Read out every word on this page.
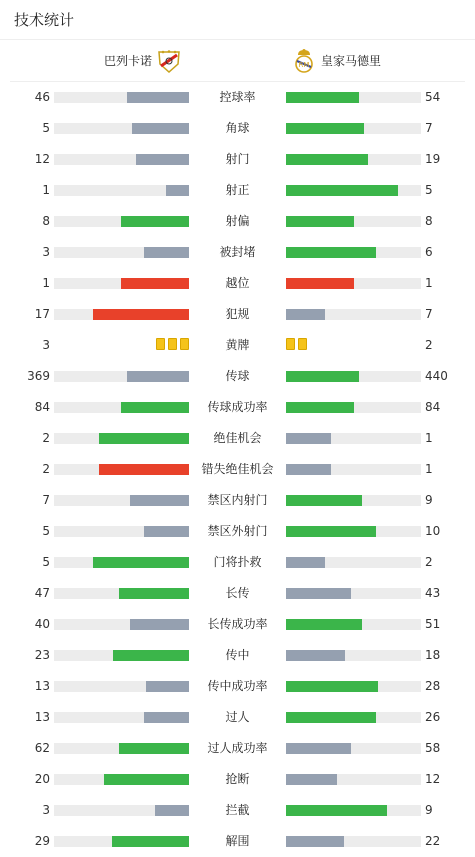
技术统计
巴列卡诺	RM 皇家马德里
46	控球率	54
5	角球	7
12	射门	19
1	射正	5
8	射偏	8
3	被封堵	6
1	越位	1
17	犯规	7
3	黄牌	2
369	传球	440
84	传球成功率	84
2	绝佳机会	1
2	错失绝佳机会	1
7	禁区内射门	9
5	禁区外射门	10
5	门将扑救	2
47	长传	43
40	长传成功率	51
23	传中	18
13	传中成功率	28
13	过人	26
62	过人成功率	58
20	抢断	12
3	拦截	9
29	解围	22
